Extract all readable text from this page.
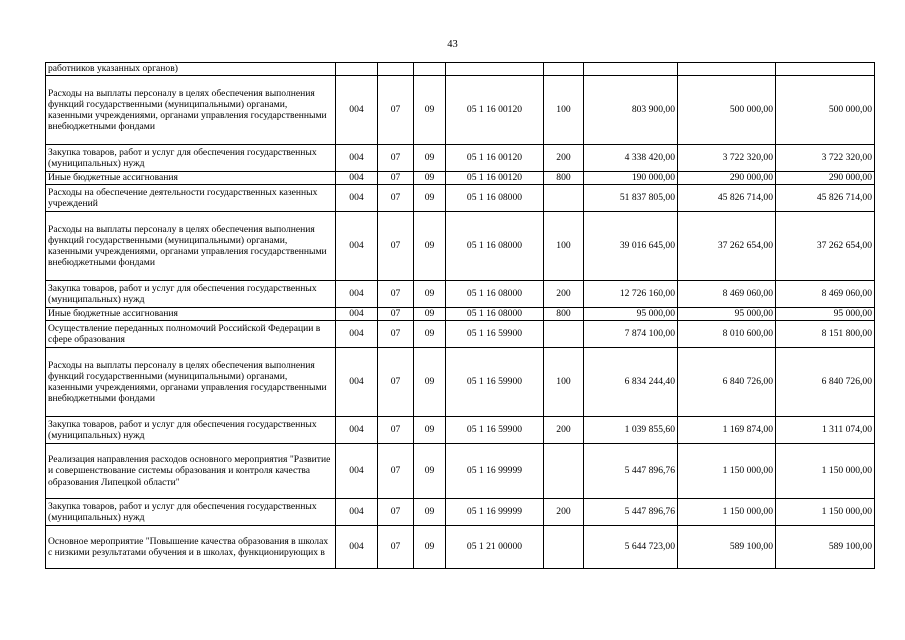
43
работников указанных органов)								
Расходы на выплаты персоналу в целях обеспечения выполнения функций государственными (муниципальными) органами, казенными учреждениями, органами управления государственными внебюджетными фондами	004	07	09	05 1 16 00120	100	803 900,00	500 000,00	500 000,00
Закупка товаров, работ и услуг для обеспечения государственных (муниципальных) нужд	004	07	09	05 1 16 00120	200	4 338 420,00	3 722 320,00	3 722 320,00
Иные бюджетные ассигнования	004	07	09	05 1 16 00120	800	190 000,00	290 000,00	290 000,00
Расходы на обеспечение деятельности государственных казенных учреждений	004	07	09	05 1 16 08000		51 837 805,00	45 826 714,00	45 826 714,00
Расходы на выплаты персоналу в целях обеспечения выполнения функций государственными (муниципальными) органами, казенными учреждениями, органами управления государственными внебюджетными фондами	004	07	09	05 1 16 08000	100	39 016 645,00	37 262 654,00	37 262 654,00
Закупка товаров, работ и услуг для обеспечения государственных (муниципальных) нужд	004	07	09	05 1 16 08000	200	12 726 160,00	8 469 060,00	8 469 060,00
Иные бюджетные ассигнования	004	07	09	05 1 16 08000	800	95 000,00	95 000,00	95 000,00
Осуществление переданных полномочий Российской Федерации в сфере образования	004	07	09	05 1 16 59900		7 874 100,00	8 010 600,00	8 151 800,00
Расходы на выплаты персоналу в целях обеспечения выполнения функций государственными (муниципальными) органами, казенными учреждениями, органами управления государственными внебюджетными фондами	004	07	09	05 1 16 59900	100	6 834 244,40	6 840 726,00	6 840 726,00
Закупка товаров, работ и услуг для обеспечения государственных (муниципальных) нужд	004	07	09	05 1 16 59900	200	1 039 855,60	1 169 874,00	1 311 074,00
Реализация направления расходов основного мероприятия "Развитие и совершенствование системы образования и контроля качества образования Липецкой области"	004	07	09	05 1 16 99999		5 447 896,76	1 150 000,00	1 150 000,00
Закупка товаров, работ и услуг для обеспечения государственных (муниципальных) нужд	004	07	09	05 1 16 99999	200	5 447 896,76	1 150 000,00	1 150 000,00
Основное мероприятие "Повышение качества образования в школах с низкими результатами обучения и в школах, функционирующих в	004	07	09	05 1 21 00000		5 644 723,00	589 100,00	589 100,00
